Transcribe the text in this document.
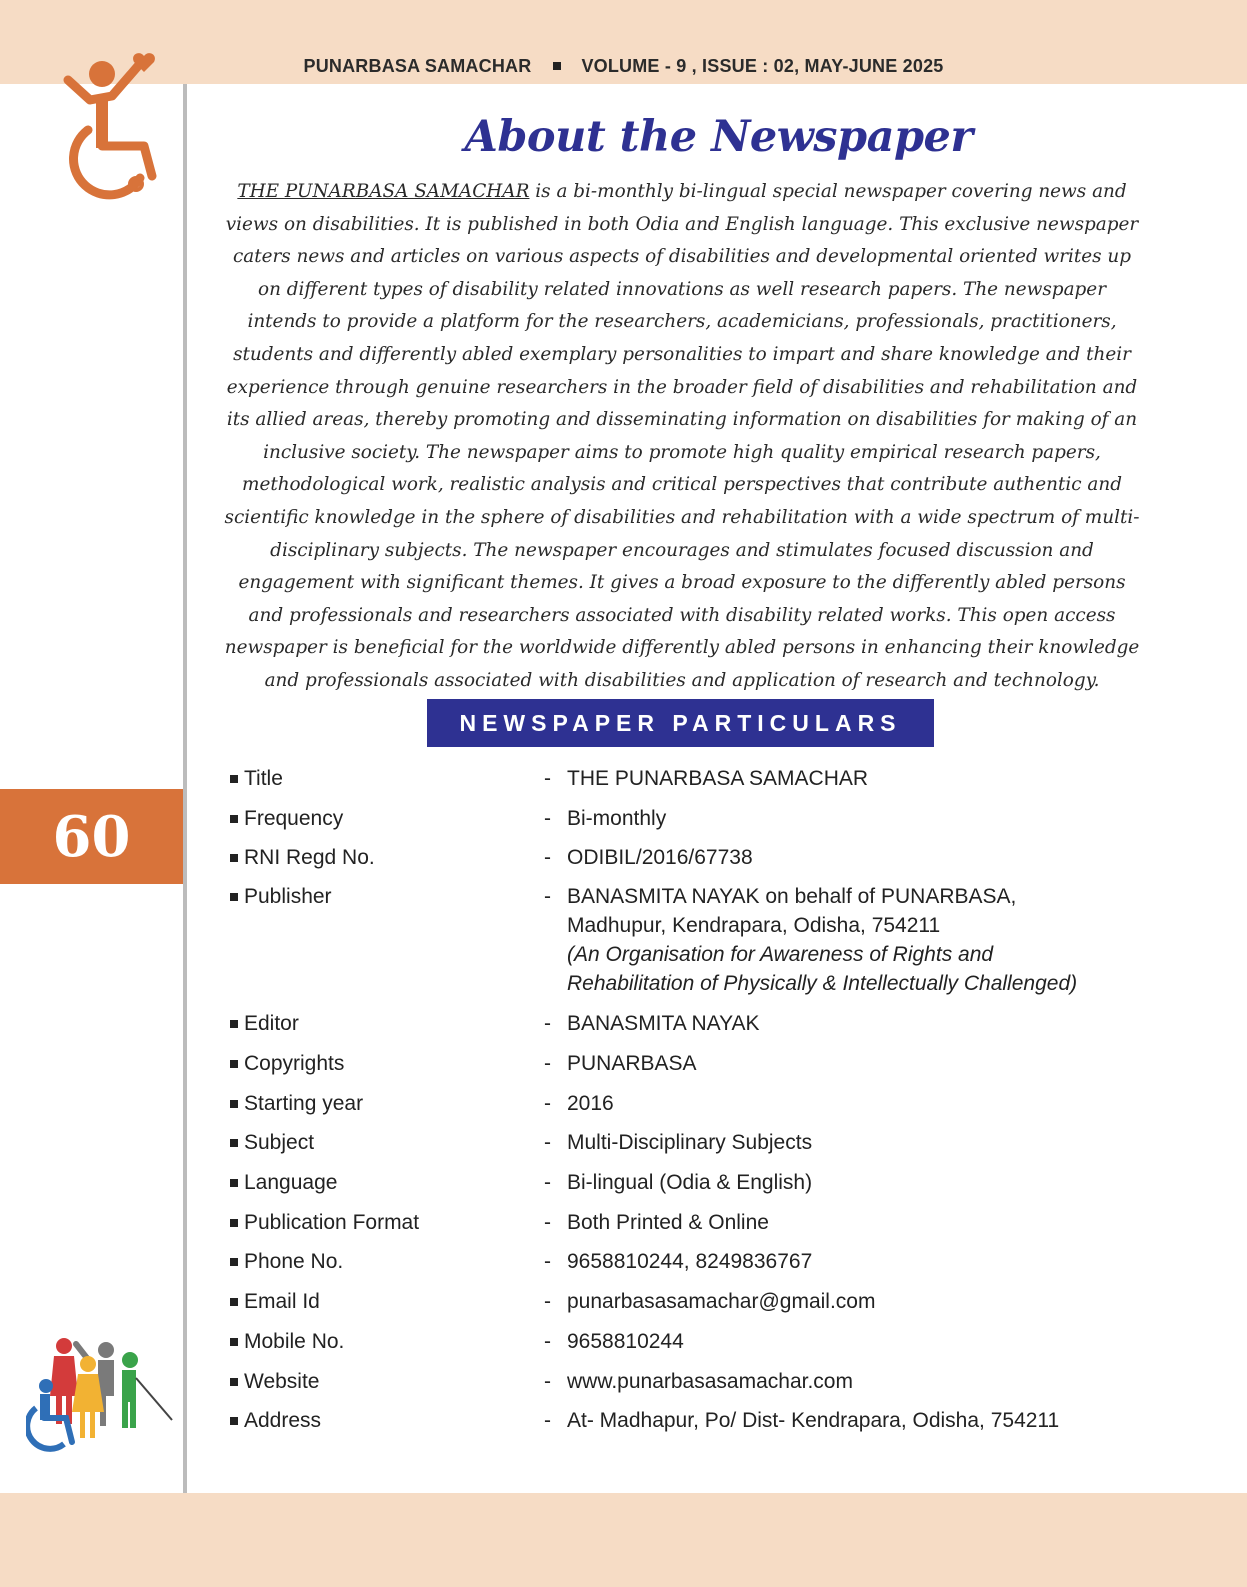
PUNARBASA SAMACHAR	VOLUME - 9 , ISSUE : 02, MAY-JUNE 2025
60
About the Newspaper

THE PUNARBASA SAMACHAR is a bi-monthly bi-lingual special newspaper covering news and views on disabilities. It is published in both Odia and English language. This exclusive newspaper caters news and articles on various aspects of disabilities and developmental oriented writes up on different types of disability related innovations as well research papers. The newspaper intends to provide a platform for the researchers, academicians, professionals, practitioners, students and differently abled exemplary personalities to impart and share knowledge and their experience through genuine researchers in the broader field of disabilities and rehabilitation and its allied areas, thereby promoting and disseminating information on disabilities for making of an inclusive society. The newspaper aims to promote high quality empirical research papers, methodological work, realistic analysis and critical perspectives that contribute authentic and scientific knowledge in the sphere of disabilities and rehabilitation with a wide spectrum of multi-disciplinary subjects. The newspaper encourages and stimulates focused discussion and engagement with significant themes. It gives a broad exposure to the differently abled persons and professionals and researchers associated with disability related works. This open access newspaper is beneficial for the worldwide differently abled persons in enhancing their knowledge and professionals associated with disabilities and application of research and technology.

NEWSPAPER PARTICULARS
Title	- THE PUNARBASA SAMACHAR
Frequency	- Bi-monthly
RNI Regd No.	- ODIBIL/2016/67738
Publisher	- BANASMITA NAYAK on behalf of PUNARBASA,
Madhupur, Kendrapara, Odisha, 754211
(An Organisation for Awareness of Rights and
Rehabilitation of Physically & Intellectually Challenged)
Editor	- BANASMITA NAYAK
Copyrights	- PUNARBASA
Starting year	- 2016
Subject	- Multi-Disciplinary Subjects
Language	- Bi-lingual (Odia & English)
Publication Format	- Both Printed & Online
Phone No.	- 9658810244, 8249836767
Email Id	- punarbasasamachar@gmail.com
Mobile No.	- 9658810244
Website	- www.punarbasasamachar.com
Address	- At- Madhapur, Po/ Dist- Kendrapara, Odisha, 754211
